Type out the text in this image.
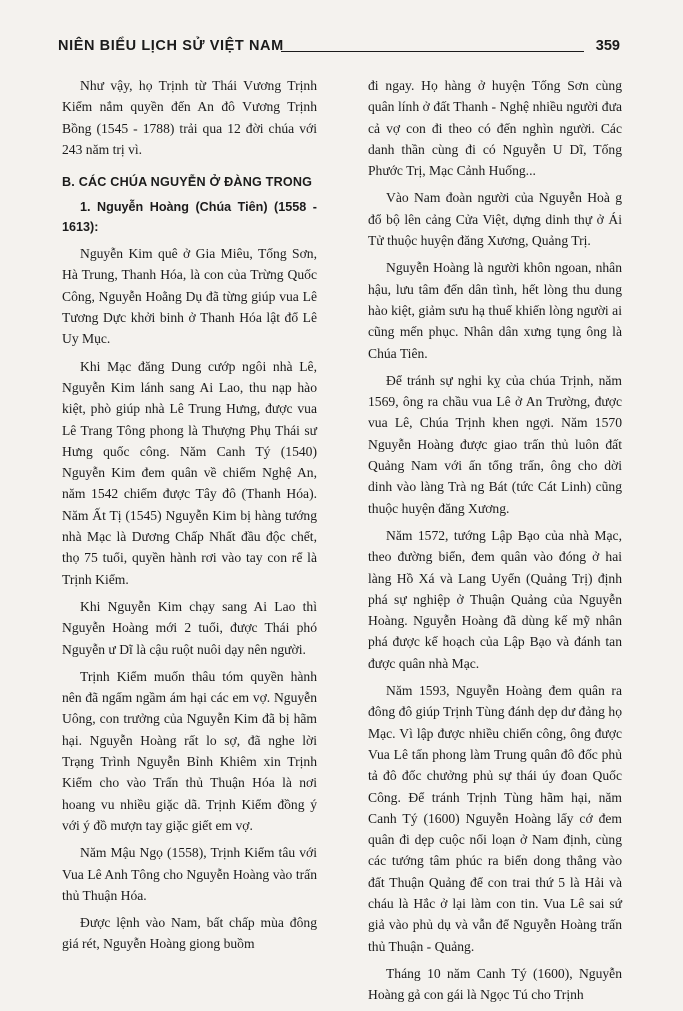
NIÊN BIỂU LỊCH SỬ VIỆT NAM	359

Như vậy, họ Trịnh từ Thái Vương Trịnh Kiểm nắm quyền đến An đô Vương Trịnh Bồng (1545 - 1788) trải qua 12 đời chúa với 243 năm trị vì.

B. CÁC CHÚA NGUYỄN Ở ĐÀNG TRONG
1. Nguyễn Hoàng (Chúa Tiên) (1558 - 1613):

Nguyễn Kim quê ở Gia Miêu, Tống Sơn, Hà Trung, Thanh Hóa, là con của Trừng Quốc Công, Nguyễn Hoằng Dụ đã từng giúp vua Lê Tương Dực khởi binh ở Thanh Hóa lật đổ Lê Uy Mục.

Khi Mạc đăng Dung cướp ngôi nhà Lê, Nguyễn Kim lánh sang Ai Lao, thu nạp hào kiệt, phò giúp nhà Lê Trung Hưng, được vua Lê Trang Tông phong là Thượng Phụ Thái sư Hưng quốc công. Năm Canh Tý (1540) Nguyễn Kim đem quân về chiếm Nghệ An, năm 1542 chiếm được Tây đô (Thanh Hóa). Năm Ất Tị (1545) Nguyễn Kim bị hàng tướng nhà Mạc là Dương Chấp Nhất đầu độc chết, thọ 75 tuổi, quyền hành rơi vào tay con rể là Trịnh Kiểm.

Khi Nguyễn Kim chạy sang Ai Lao thì Nguyễn Hoàng mới 2 tuổi, được Thái phó Nguyễn ư Dĩ là cậu ruột nuôi dạy nên người.

Trịnh Kiểm muốn thâu tóm quyền hành nên đã ngấm ngầm ám hại các em vợ. Nguyễn Uông, con trưởng của Nguyễn Kim đã bị hãm hại. Nguyễn Hoàng rất lo sợ, đã nghe lời Trạng Trình Nguyễn Bỉnh Khiêm xin Trịnh Kiểm cho vào Trấn thủ Thuận Hóa là nơi hoang vu nhiều giặc dã. Trịnh Kiểm đồng ý với ý đồ mượn tay giặc giết em vợ.

Năm Mậu Ngọ (1558), Trịnh Kiểm tâu với Vua Lê Anh Tông cho Nguyễn Hoàng vào trấn thủ Thuận Hóa.

Được lệnh vào Nam, bất chấp mùa đông giá rét, Nguyễn Hoàng giong buồm

đi ngay. Họ hàng ở huyện Tống Sơn cùng quân lính ở đất Thanh - Nghệ nhiều người đưa cả vợ con đi theo có đến nghìn người. Các danh thần cùng đi có Nguyễn U Dĩ, Tống Phước Trị, Mạc Cảnh Huống...

Vào Nam đoàn người của Nguyễn Hoà g đổ bộ lên cảng Cửa Việt, dựng dinh thự ở Ái Tử thuộc huyện đăng Xương, Quảng Trị.

Nguyễn Hoàng là người khôn ngoan, nhân hậu, lưu tâm đến dân tình, hết lòng thu dung hào kiệt, giảm sưu hạ thuế khiến lòng người ai cũng mến phục. Nhân dân xưng tụng ông là Chúa Tiên.

Để tránh sự nghi kỵ của chúa Trịnh, năm 1569, ông ra chầu vua Lê ở An Trường, được vua Lê, Chúa Trịnh khen ngợi. Năm 1570 Nguyễn Hoàng được giao trấn thủ luôn đất Quảng Nam với ấn tổng trấn, ông cho dời dinh vào làng Trà ng Bát (tức Cát Linh) cũng thuộc huyện đăng Xương.

Năm 1572, tướng Lập Bạo của nhà Mạc, theo đường biển, đem quân vào đóng ở hai làng Hồ Xá và Lang Uyển (Quảng Trị) định phá sự nghiệp ở Thuận Quảng của Nguyễn Hoàng. Nguyễn Hoàng đã dùng kế mỹ nhân phá được kế hoạch của Lập Bạo và đánh tan được quân nhà Mạc.

Năm 1593, Nguyễn Hoàng đem quân ra đông đô giúp Trịnh Tùng đánh dẹp dư đảng họ Mạc. Vì lập được nhiều chiến công, ông được Vua Lê tấn phong làm Trung quân đô đốc phủ tả đô đốc chưởng phủ sự thái úy đoan Quốc Công. Để tránh Trịnh Tùng hãm hại, năm Canh Tý (1600) Nguyễn Hoàng lấy cớ đem quân đi dẹp cuộc nổi loạn ở Nam định, cùng các tướng tâm phúc ra biển dong thẳng vào đất Thuận Quảng để con trai thứ 5 là Hải và cháu là Hắc ở lại làm con tin. Vua Lê sai sứ giả vào phủ dụ và vẫn để Nguyễn Hoàng trấn thủ Thuận - Quảng.

Tháng 10 năm Canh Tý (1600), Nguyễn Hoàng gả con gái là Ngọc Tú cho Trịnh
